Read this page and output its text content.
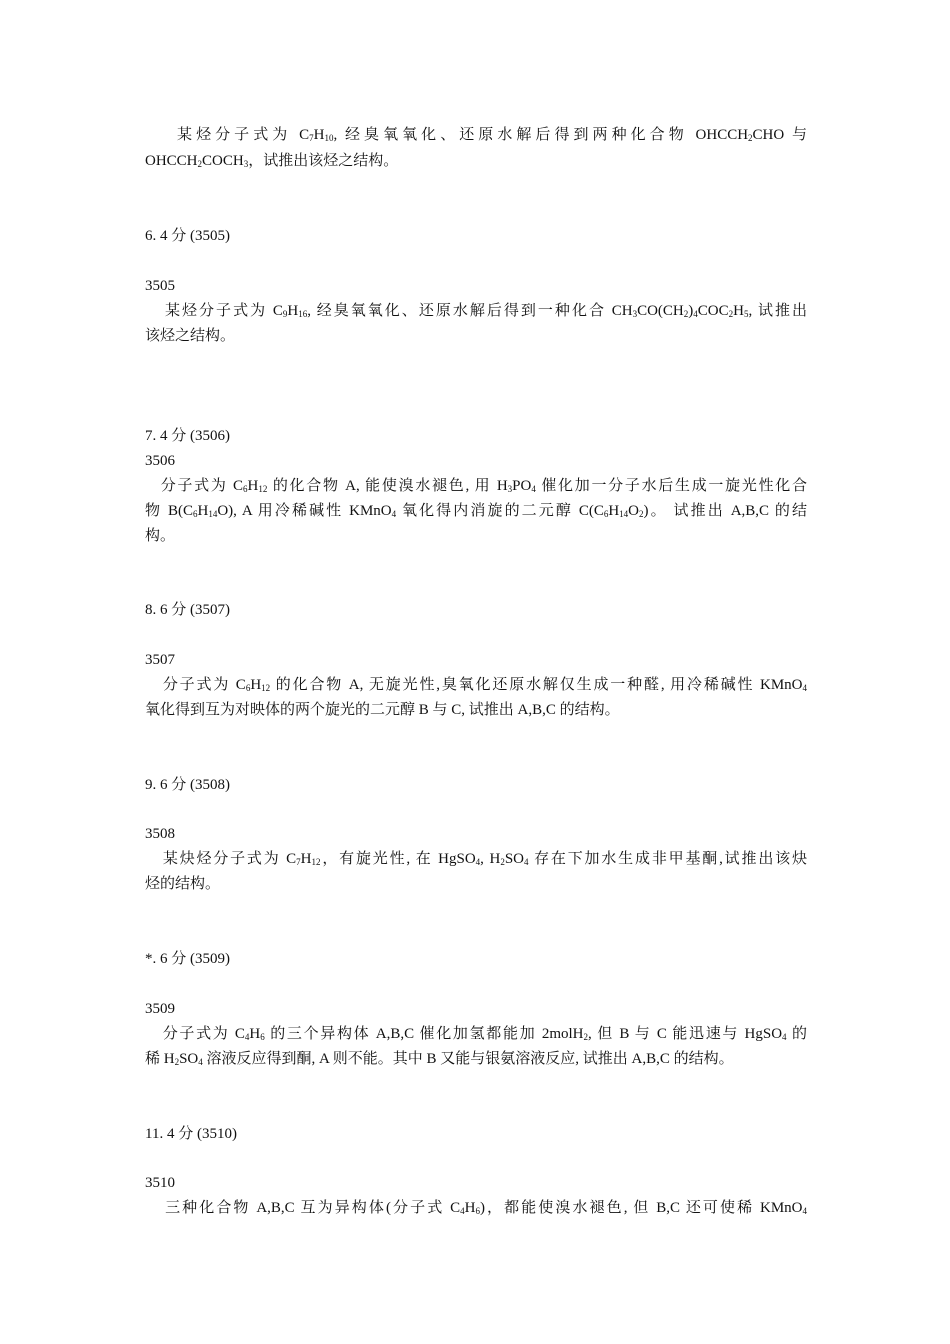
某烃分子式为 $C_7H_{10}$, 经臭氧氧化、还原水解后得到两种化合物 $OHCCH_2CHO$ 与
$OHCCH_2COCH_3$，试推出该烃之结构。
6. 4 分 (3505)
3505
某烃分子式为 $C_9H_{16}$, 经臭氧氧化、还原水解后得到一种化合 $CH_3CO(CH_2)_4COC_2H_5$, 试推出
该烃之结构。
7. 4 分 (3506)
3506
分子式为 $C_6H_{12}$ 的化合物 A, 能使溴水褪色, 用 $H_3PO_4$ 催化加一分子水后生成一旋光性化合
物 $B(C_6H_{14}O)$, A 用冷稀碱性 KMnO$_4$ 氧化得内消旋的二元醇 $C(C_6H_{14}O_2)$。 试推出 A,B,C 的结
构。
8. 6 分 (3507)
3507
分子式为 $C_6H_{12}$ 的化合物 A, 无旋光性,臭氧化还原水解仅生成一种醛, 用冷稀碱性 KMnO$_4$
氧化得到互为对映体的两个旋光的二元醇 B 与 C, 试推出 A,B,C 的结构。
9. 6 分 (3508)
3508
某炔烃分子式为 $C_7H_{12}$，有旋光性, 在 HgSO$_4$, $H_2SO_4$ 存在下加水生成非甲基酮,试推出该炔
烃的结构。
*. 6 分 (3509)
3509
分子式为 $C_4H_6$ 的三个异构体 A,B,C 催化加氢都能加 2molH$_2$, 但 B 与 C 能迅速与 HgSO$_4$ 的
稀 $H_2SO_4$ 溶液反应得到酮, A 则不能。其中 B 又能与银氨溶液反应, 试推出 A,B,C 的结构。
11. 4 分 (3510)
3510
三种化合物 A,B,C 互为异构体(分子式 $C_4H_6$)，都能使溴水褪色, 但 B,C 还可使稀 KMnO$_4$
